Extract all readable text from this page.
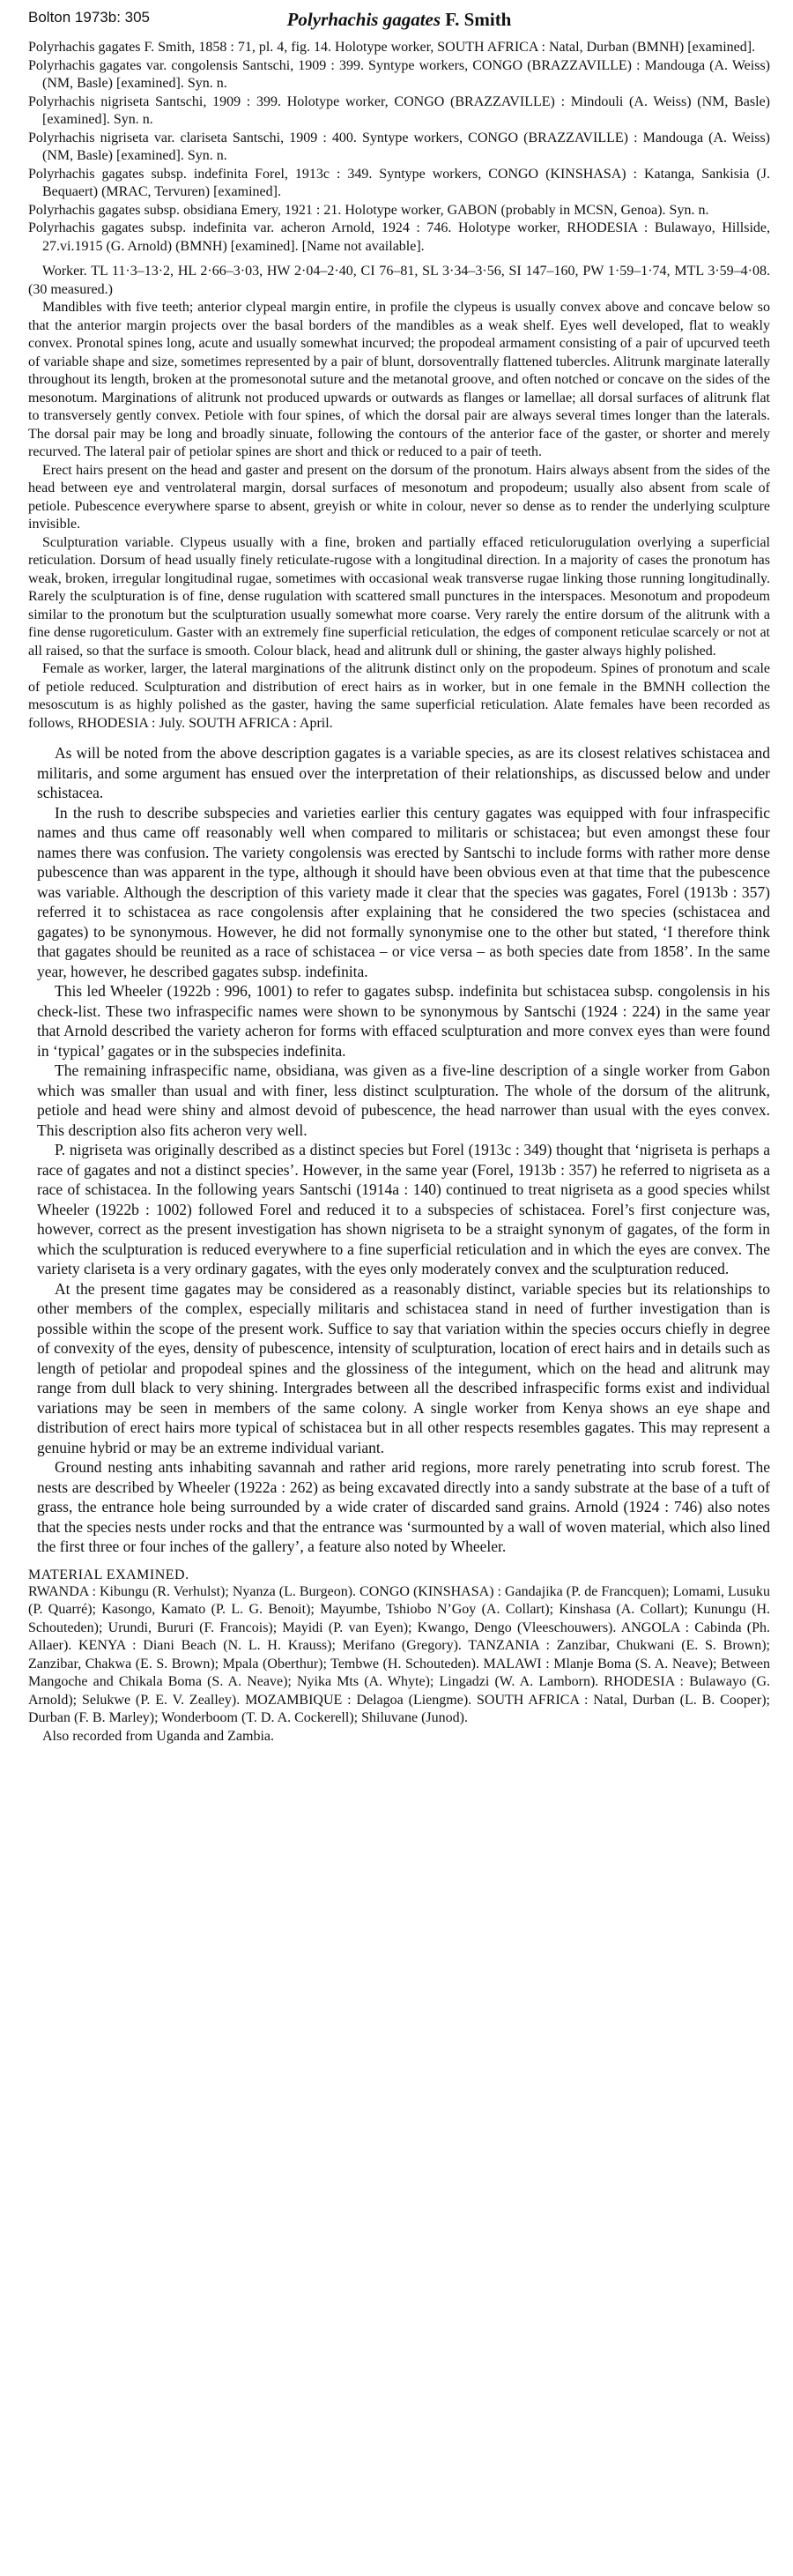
Bolton 1973b: 305	Polyrhachis gagates F. Smith

Polyrhachis gagates F. Smith, 1858 : 71, pl. 4, fig. 14. Holotype worker, SOUTH AFRICA : Natal, Durban (BMNH) [examined].

Polyrhachis gagates var. congolensis Santschi, 1909 : 399. Syntype workers, CONGO (BRAZZAVILLE) : Mandouga (A. Weiss) (NM, Basle) [examined]. Syn. n.

Polyrhachis nigriseta Santschi, 1909 : 399. Holotype worker, CONGO (BRAZZAVILLE) : Mindouli (A. Weiss) (NM, Basle) [examined]. Syn. n.

Polyrhachis nigriseta var. clariseta Santschi, 1909 : 400. Syntype workers, CONGO (BRAZZAVILLE) : Mandouga (A. Weiss) (NM, Basle) [examined]. Syn. n.

Polyrhachis gagates subsp. indefinita Forel, 1913c : 349. Syntype workers, CONGO (KINSHASA) : Katanga, Sankisia (J. Bequaert) (MRAC, Tervuren) [examined].

Polyrhachis gagates subsp. obsidiana Emery, 1921 : 21. Holotype worker, GABON (probably in MCSN, Genoa). Syn. n.

Polyrhachis gagates subsp. indefinita var. acheron Arnold, 1924 : 746. Holotype worker, RHODESIA : Bulawayo, Hillside, 27.vi.1915 (G. Arnold) (BMNH) [examined]. [Name not available].

Worker. TL 11·3–13·2, HL 2·66–3·03, HW 2·04–2·40, CI 76–81, SL 3·34–3·56, SI 147–160, PW 1·59–1·74, MTL 3·59–4·08. (30 measured.)

Mandibles with five teeth; anterior clypeal margin entire, in profile the clypeus is usually convex above and concave below so that the anterior margin projects over the basal borders of the mandibles as a weak shelf. Eyes well developed, flat to weakly convex. Pronotal spines long, acute and usually somewhat incurved; the propodeal armament consisting of a pair of upcurved teeth of variable shape and size, sometimes represented by a pair of blunt, dorsoventrally flattened tubercles. Alitrunk marginate laterally throughout its length, broken at the promesonotal suture and the metanotal groove, and often notched or concave on the sides of the mesonotum. Marginations of alitrunk not produced upwards or outwards as flanges or lamellae; all dorsal surfaces of alitrunk flat to transversely gently convex. Petiole with four spines, of which the dorsal pair are always several times longer than the laterals. The dorsal pair may be long and broadly sinuate, following the contours of the anterior face of the gaster, or shorter and merely recurved. The lateral pair of petiolar spines are short and thick or reduced to a pair of teeth.

Erect hairs present on the head and gaster and present on the dorsum of the pronotum. Hairs always absent from the sides of the head between eye and ventrolateral margin, dorsal surfaces of mesonotum and propodeum; usually also absent from scale of petiole. Pubescence everywhere sparse to absent, greyish or white in colour, never so dense as to render the underlying sculpture invisible.

Sculpturation variable. Clypeus usually with a fine, broken and partially effaced reticulorugulation overlying a superficial reticulation. Dorsum of head usually finely reticulate-rugose with a longitudinal direction. In a majority of cases the pronotum has weak, broken, irregular longitudinal rugae, sometimes with occasional weak transverse rugae linking those running longitudinally. Rarely the sculpturation is of fine, dense rugulation with scattered small punctures in the interspaces. Mesonotum and propodeum similar to the pronotum but the sculpturation usually somewhat more coarse. Very rarely the entire dorsum of the alitrunk with a fine dense rugoreticulum. Gaster with an extremely fine superficial reticulation, the edges of component reticulae scarcely or not at all raised, so that the surface is smooth. Colour black, head and alitrunk dull or shining, the gaster always highly polished.

Female as worker, larger, the lateral marginations of the alitrunk distinct only on the propodeum. Spines of pronotum and scale of petiole reduced. Sculpturation and distribution of erect hairs as in worker, but in one female in the BMNH collection the mesoscutum is as highly polished as the gaster, having the same superficial reticulation. Alate females have been recorded as follows, RHODESIA : July. SOUTH AFRICA : April.

As will be noted from the above description gagates is a variable species, as are its closest relatives schistacea and militaris, and some argument has ensued over the interpretation of their relationships, as discussed below and under schistacea.

In the rush to describe subspecies and varieties earlier this century gagates was equipped with four infraspecific names and thus came off reasonably well when compared to militaris or schistacea; but even amongst these four names there was confusion. The variety congolensis was erected by Santschi to include forms with rather more dense pubescence than was apparent in the type, although it should have been obvious even at that time that the pubescence was variable. Although the description of this variety made it clear that the species was gagates, Forel (1913b : 357) referred it to schistacea as race congolensis after explaining that he considered the two species (schistacea and gagates) to be synonymous. However, he did not formally synonymise one to the other but stated, ‘I therefore think that gagates should be reunited as a race of schistacea – or vice versa – as both species date from 1858’. In the same year, however, he described gagates subsp. indefinita.

This led Wheeler (1922b : 996, 1001) to refer to gagates subsp. indefinita but schistacea subsp. congolensis in his check-list. These two infraspecific names were shown to be synonymous by Santschi (1924 : 224) in the same year that Arnold described the variety acheron for forms with effaced sculpturation and more convex eyes than were found in ‘typical’ gagates or in the subspecies indefinita.

The remaining infraspecific name, obsidiana, was given as a five-line description of a single worker from Gabon which was smaller than usual and with finer, less distinct sculpturation. The whole of the dorsum of the alitrunk, petiole and head were shiny and almost devoid of pubescence, the head narrower than usual with the eyes convex. This description also fits acheron very well.

P. nigriseta was originally described as a distinct species but Forel (1913c : 349) thought that ‘nigriseta is perhaps a race of gagates and not a distinct species’. However, in the same year (Forel, 1913b : 357) he referred to nigriseta as a race of schistacea. In the following years Santschi (1914a : 140) continued to treat nigriseta as a good species whilst Wheeler (1922b : 1002) followed Forel and reduced it to a subspecies of schistacea. Forel’s first conjecture was, however, correct as the present investigation has shown nigriseta to be a straight synonym of gagates, of the form in which the sculpturation is reduced everywhere to a fine superficial reticulation and in which the eyes are convex. The variety clariseta is a very ordinary gagates, with the eyes only moderately convex and the sculpturation reduced.

At the present time gagates may be considered as a reasonably distinct, variable species but its relationships to other members of the complex, especially militaris and schistacea stand in need of further investigation than is possible within the scope of the present work. Suffice to say that variation within the species occurs chiefly in degree of convexity of the eyes, density of pubescence, intensity of sculpturation, location of erect hairs and in details such as length of petiolar and propodeal spines and the glossiness of the integument, which on the head and alitrunk may range from dull black to very shining. Intergrades between all the described infraspecific forms exist and individual variations may be seen in members of the same colony. A single worker from Kenya shows an eye shape and distribution of erect hairs more typical of schistacea but in all other respects resembles gagates. This may represent a genuine hybrid or may be an extreme individual variant.

Ground nesting ants inhabiting savannah and rather arid regions, more rarely penetrating into scrub forest. The nests are described by Wheeler (1922a : 262) as being excavated directly into a sandy substrate at the base of a tuft of grass, the entrance hole being surrounded by a wide crater of discarded sand grains. Arnold (1924 : 746) also notes that the species nests under rocks and that the entrance was ‘surmounted by a wall of woven material, which also lined the first three or four inches of the gallery’, a feature also noted by Wheeler.

MATERIAL EXAMINED.

RWANDA : Kibungu (R. Verhulst); Nyanza (L. Burgeon). CONGO (KINSHASA) : Gandajika (P. de Francquen); Lomami, Lusuku (P. Quarré); Kasongo, Kamato (P. L. G. Benoit); Mayumbe, Tshiobo N’Goy (A. Collart); Kinshasa (A. Collart); Kunungu (H. Schouteden); Urundi, Bururi (F. Francois); Mayidi (P. van Eyen); Kwango, Dengo (Vleeschouwers). ANGOLA : Cabinda (Ph. Allaer). KENYA : Diani Beach (N. L. H. Krauss); Merifano (Gregory). TANZANIA : Zanzibar, Chukwani (E. S. Brown); Zanzibar, Chakwa (E. S. Brown); Mpala (Oberthur); Tembwe (H. Schouteden). MALAWI : Mlanje Boma (S. A. Neave); Between Mangoche and Chikala Boma (S. A. Neave); Nyika Mts (A. Whyte); Lingadzi (W. A. Lamborn). RHODESIA : Bulawayo (G. Arnold); Selukwe (P. E. V. Zealley). MOZAMBIQUE : Delagoa (Liengme). SOUTH AFRICA : Natal, Durban (L. B. Cooper); Durban (F. B. Marley); Wonderboom (T. D. A. Cockerell); Shiluvane (Junod).

Also recorded from Uganda and Zambia.
